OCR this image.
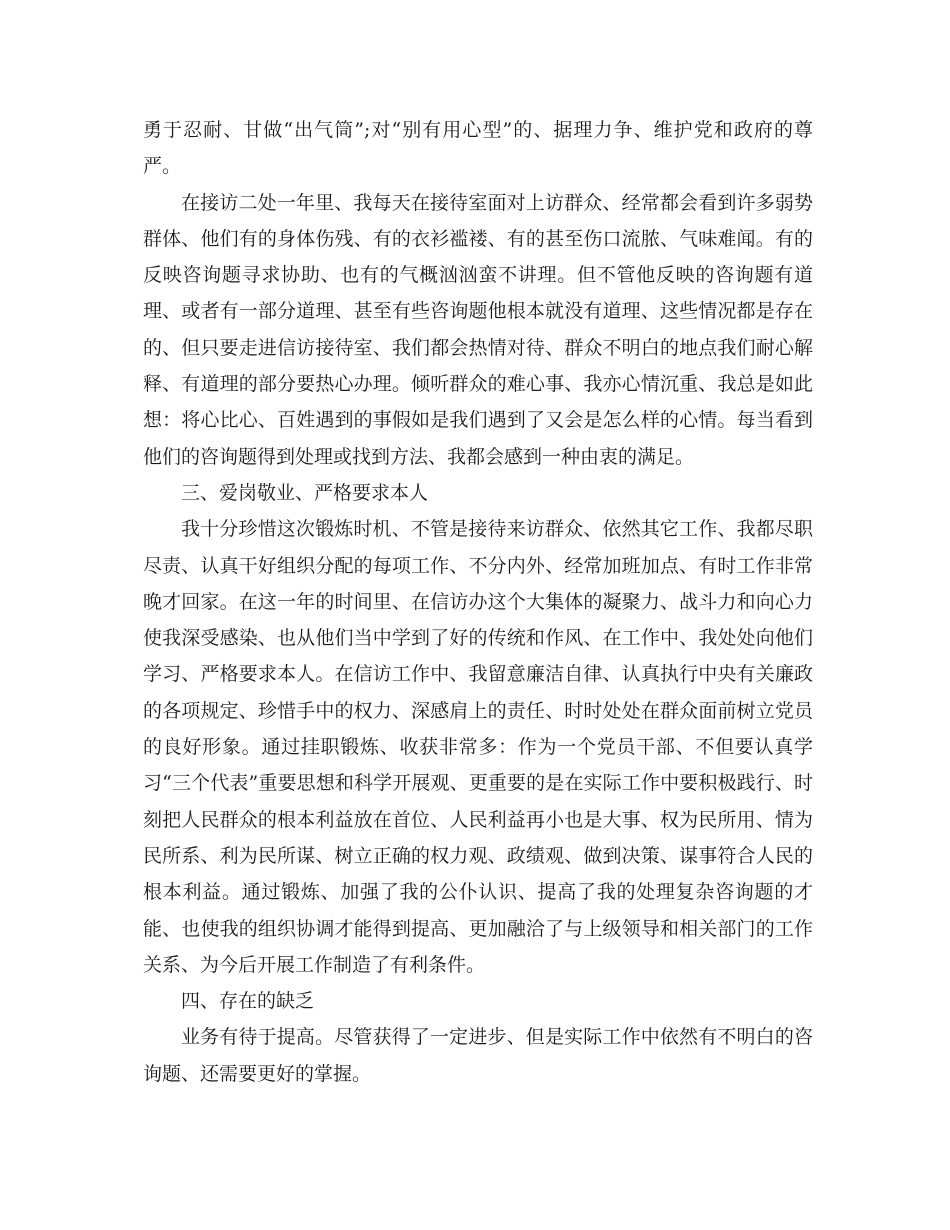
勇于忍耐、甘做“出气筒”;对“别有用心型”的、据理力争、维护党和政府的尊严。

在接访二处一年里、我每天在接待室面对上访群众、经常都会看到许多弱势群体、他们有的身体伤残、有的衣衫褴褛、有的甚至伤口流脓、气味难闻。有的反映咨询题寻求协助、也有的气概汹汹蛮不讲理。但不管他反映的咨询题有道理、或者有一部分道理、甚至有些咨询题他根本就没有道理、这些情况都是存在的、但只要走进信访接待室、我们都会热情对待、群众不明白的地点我们耐心解释、有道理的部分要热心办理。倾听群众的难心事、我亦心情沉重、我总是如此想：将心比心、百姓遇到的事假如是我们遇到了又会是怎么样的心情。每当看到他们的咨询题得到处理或找到方法、我都会感到一种由衷的满足。

三、爱岗敬业、严格要求本人

我十分珍惜这次锻炼时机、不管是接待来访群众、依然其它工作、我都尽职尽责、认真干好组织分配的每项工作、不分内外、经常加班加点、有时工作非常晚才回家。在这一年的时间里、在信访办这个大集体的凝聚力、战斗力和向心力使我深受感染、也从他们当中学到了好的传统和作风、在工作中、我处处向他们学习、严格要求本人。在信访工作中、我留意廉洁自律、认真执行中央有关廉政的各项规定、珍惜手中的权力、深感肩上的责任、时时处处在群众面前树立党员的良好形象。通过挂职锻炼、收获非常多：作为一个党员干部、不但要认真学习“三个代表”重要思想和科学开展观、更重要的是在实际工作中要积极践行、时刻把人民群众的根本利益放在首位、人民利益再小也是大事、权为民所用、情为民所系、利为民所谋、树立正确的权力观、政绩观、做到决策、谋事符合人民的根本利益。通过锻炼、加强了我的公仆认识、提高了我的处理复杂咨询题的才能、也使我的组织协调才能得到提高、更加融洽了与上级领导和相关部门的工作关系、为今后开展工作制造了有利条件。

四、存在的缺乏

业务有待于提高。尽管获得了一定进步、但是实际工作中依然有不明白的咨询题、还需要更好的掌握。
